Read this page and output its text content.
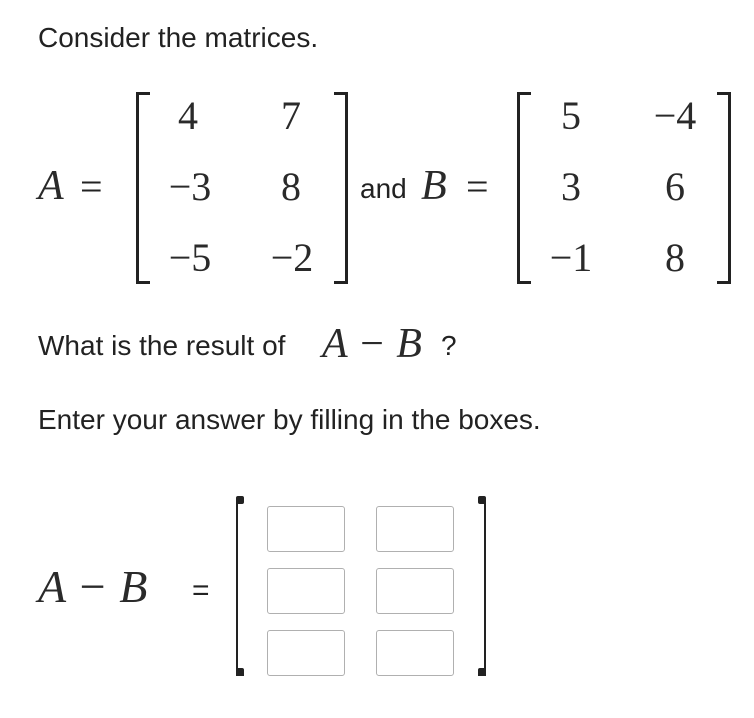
Consider the matrices.
A =
4	7
−3	8
−5	−2
and B =
5	−4
3	6
−1	8
What is the result of A − B ?
Enter your answer by filling in the boxes.
A − B =
